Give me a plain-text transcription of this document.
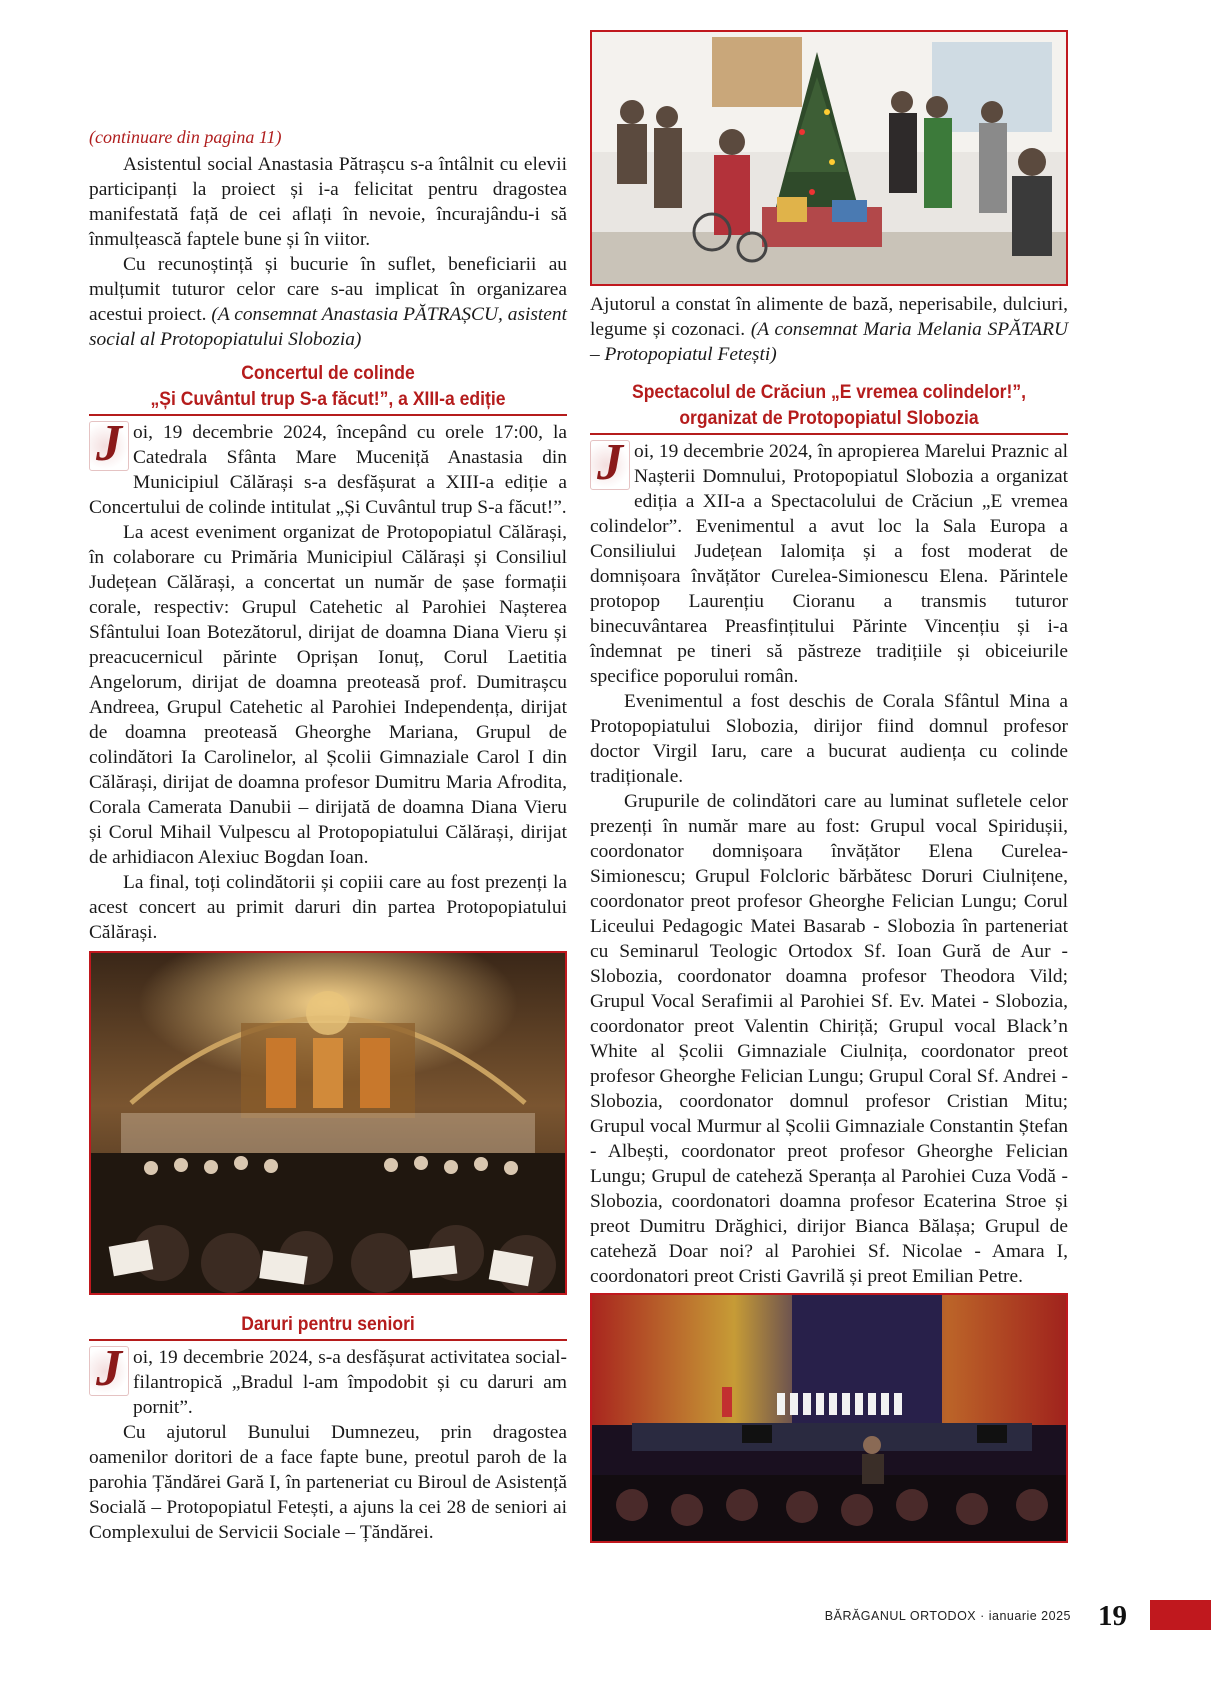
(continuare din pagina 11)

Asistentul social Anastasia Pătrașcu s-a întâlnit cu elevii participanți la proiect și i-a felicitat pentru dragostea manifestată față de cei aflați în nevoie, încurajându-i să înmulțească faptele bune și în viitor.

Cu recunoștință și bucurie în suflet, beneficiarii au mulțumit tuturor celor care s-au implicat în organizarea acestui proiect. (A consemnat Anastasia PĂTRAȘCU, asistent social al Protopopiatului Slobozia)

Concertul de colinde
„Și Cuvântul trup S-a făcut!”, a XIII-a ediție

J oi, 19 decembrie 2024, începând cu orele 17:00, la Catedrala Sfânta Mare Muceniță Anastasia din Municipiul Călărași s-a desfășurat a XIII-a ediție a Concertului de colinde intitulat „Și Cuvântul trup S-a făcut!”.

La acest eveniment organizat de Protopopiatul Călărași, în colaborare cu Primăria Municipiul Călărași și Consiliul Județean Călărași, a concertat un număr de șase formații corale, respectiv: Grupul Catehetic al Parohiei Nașterea Sfântului Ioan Botezătorul, dirijat de doamna Diana Vieru și preacucernicul părinte Oprișan Ionuț, Corul Laetitia Angelorum, dirijat de doamna preoteasă prof. Dumitrașcu Andreea, Grupul Catehetic al Parohiei Independența, dirijat de doamna preoteasă Gheorghe Mariana, Grupul de colindători Ia Carolinelor, al Școlii Gimnaziale Carol I din Călărași, dirijat de doamna profesor Dumitru Maria Afrodita, Corala Camerata Danubii – dirijată de doamna Diana Vieru și Corul Mihail Vulpescu al Protopopiatului Călărași, dirijat de arhidiacon Alexiuc Bogdan Ioan.

La final, toți colindătorii și copiii care au fost prezenți la acest concert au primit daruri din partea Protopopiatului Călărași.

Daruri pentru seniori

J oi, 19 decembrie 2024, s-a desfășurat activitatea social-filantropică „Bradul l-am împodobit și cu daruri am pornit”.

Cu ajutorul Bunului Dumnezeu, prin dragostea oamenilor doritori de a face fapte bune, preotul paroh de la parohia Țăndărei Gară I, în parteneriat cu Biroul de Asistență Socială – Protopopiatul Fetești, a ajuns la cei 28 de seniori ai Complexului de Servicii Sociale – Țăndărei.

Ajutorul a constat în alimente de bază, neperisabile, dulciuri, legume și cozonaci. (A consemnat Maria Melania SPĂTARU – Protopopiatul Fetești)

Spectacolul de Crăciun „E vremea colindelor!”,
organizat de Protopopiatul Slobozia

J oi, 19 decembrie 2024, în apropierea Marelui Praznic al Nașterii Domnului, Protopopiatul Slobozia a organizat ediția a XII-a a Spectacolului de Crăciun „E vremea colindelor”. Evenimentul a avut loc la Sala Europa a Consiliului Județean Ialomița și a fost moderat de domnișoara învățător Curelea-Simionescu Elena. Părintele protopop Laurențiu Cioranu a transmis tuturor binecuvântarea Preasfințitului Părinte Vincențiu și i-a îndemnat pe tineri să păstreze tradițiile și obiceiurile specifice poporului român.

Evenimentul a fost deschis de Corala Sfântul Mina a Protopopiatului Slobozia, dirijor fiind domnul profesor doctor Virgil Iaru, care a bucurat audiența cu colinde tradiționale.

Grupurile de colindători care au luminat sufletele celor prezenți în număr mare au fost: Grupul vocal Spiridușii, coordonator domnișoara învățător Elena Curelea-Simionescu; Grupul Folcloric bărbătesc Doruri Ciulnițene, coordonator preot profesor Gheorghe Felician Lungu; Corul Liceului Pedagogic Matei Basarab - Slobozia în parteneriat cu Seminarul Teologic Ortodox Sf. Ioan Gură de Aur - Slobozia, coordonator doamna profesor Theodora Vild; Grupul Vocal Serafimii al Parohiei Sf. Ev. Matei - Slobozia, coordonator preot Valentin Chiriță; Grupul vocal Black’n White al Școlii Gimnaziale Ciulnița, coordonator preot profesor Gheorghe Felician Lungu; Grupul Coral Sf. Andrei - Slobozia, coordonator domnul profesor Cristian Mitu; Grupul vocal Murmur al Școlii Gimnaziale Constantin Ștefan - Albești, coordonator preot profesor Gheorghe Felician Lungu; Grupul de cateheză Speranța al Parohiei Cuza Vodă - Slobozia, coordonatori doamna profesor Ecaterina Stroe și preot Dumitru Drăghici, dirijor Bianca Bălașa; Grupul de cateheză Doar noi? al Parohiei Sf. Nicolae - Amara I, coordonatori preot Cristi Gavrilă și preot Emilian Petre.

BĂRĂGANUL ORTODOX · ianuarie 2025 19
